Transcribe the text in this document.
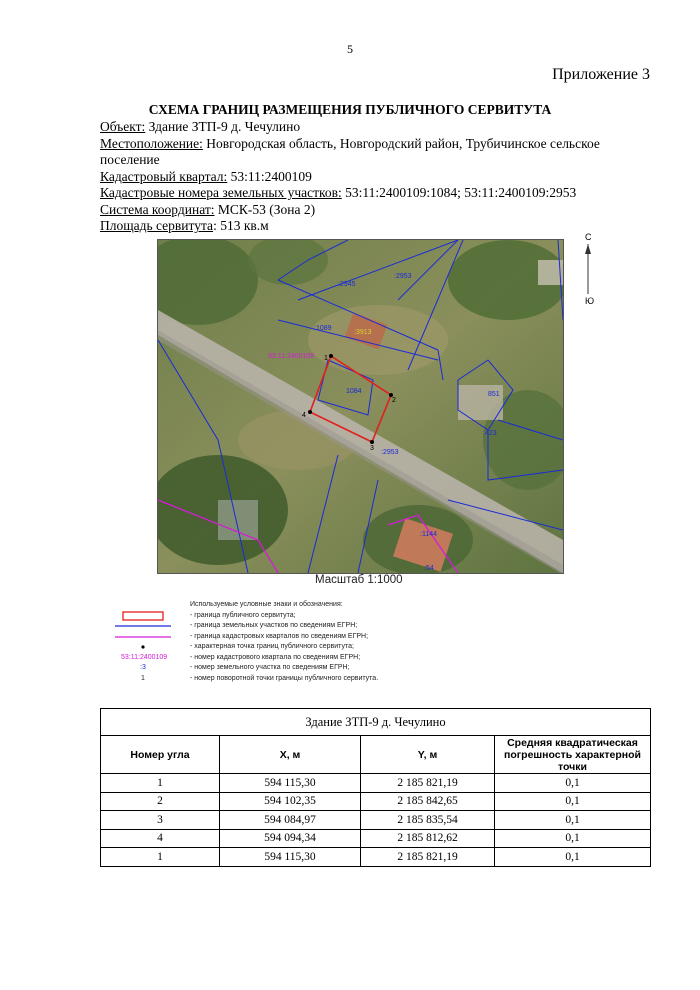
5
Приложение 3
СХЕМА ГРАНИЦ РАЗМЕЩЕНИЯ ПУБЛИЧНОГО СЕРВИТУТА

Объект: Здание ЗТП-9 д. Чечулино

Местоположение: Новгородская область, Новгородский район, Трубичинское сельское поселение

Кадастровый квартал: 53:11:2400109

Кадастровые номера земельных участков: 53:11:2400109:1084; 53:11:2400109:2953

Система координат: МСК-53 (Зона 2)

Площадь сервитута: 513 кв.м

:2953
:2945
:1089
:3913
53:11:2400109
1084	851
:423
:2953
:1144
:54
1
2
3
4
С
Ю
Масштаб 1:1000
Используемые условные знаки и обозначения:
- граница публичного сервитута;
- граница земельных участков по сведениям ЕГРН;
- граница кадастровых кварталов по сведениям ЕГРН;
- характерная точка границ публичного сервитута;
53:11:2400109	- номер кадастрового квартала по сведениям ЕГРН;
:3	- номер земельного участка по сведениям ЕГРН;
1	- номер поворотной точки границы публичного сервитута.
Здание ЗТП-9 д. Чечулино			
Номер угла	X, м	Y, м	Средняя квадратическая погрешность характерной точки
1	594 115,30	2 185 821,19	0,1
2	594 102,35	2 185 842,65	0,1
3	594 084,97	2 185 835,54	0,1
4	594 094,34	2 185 812,62	0,1
1	594 115,30	2 185 821,19	0,1
